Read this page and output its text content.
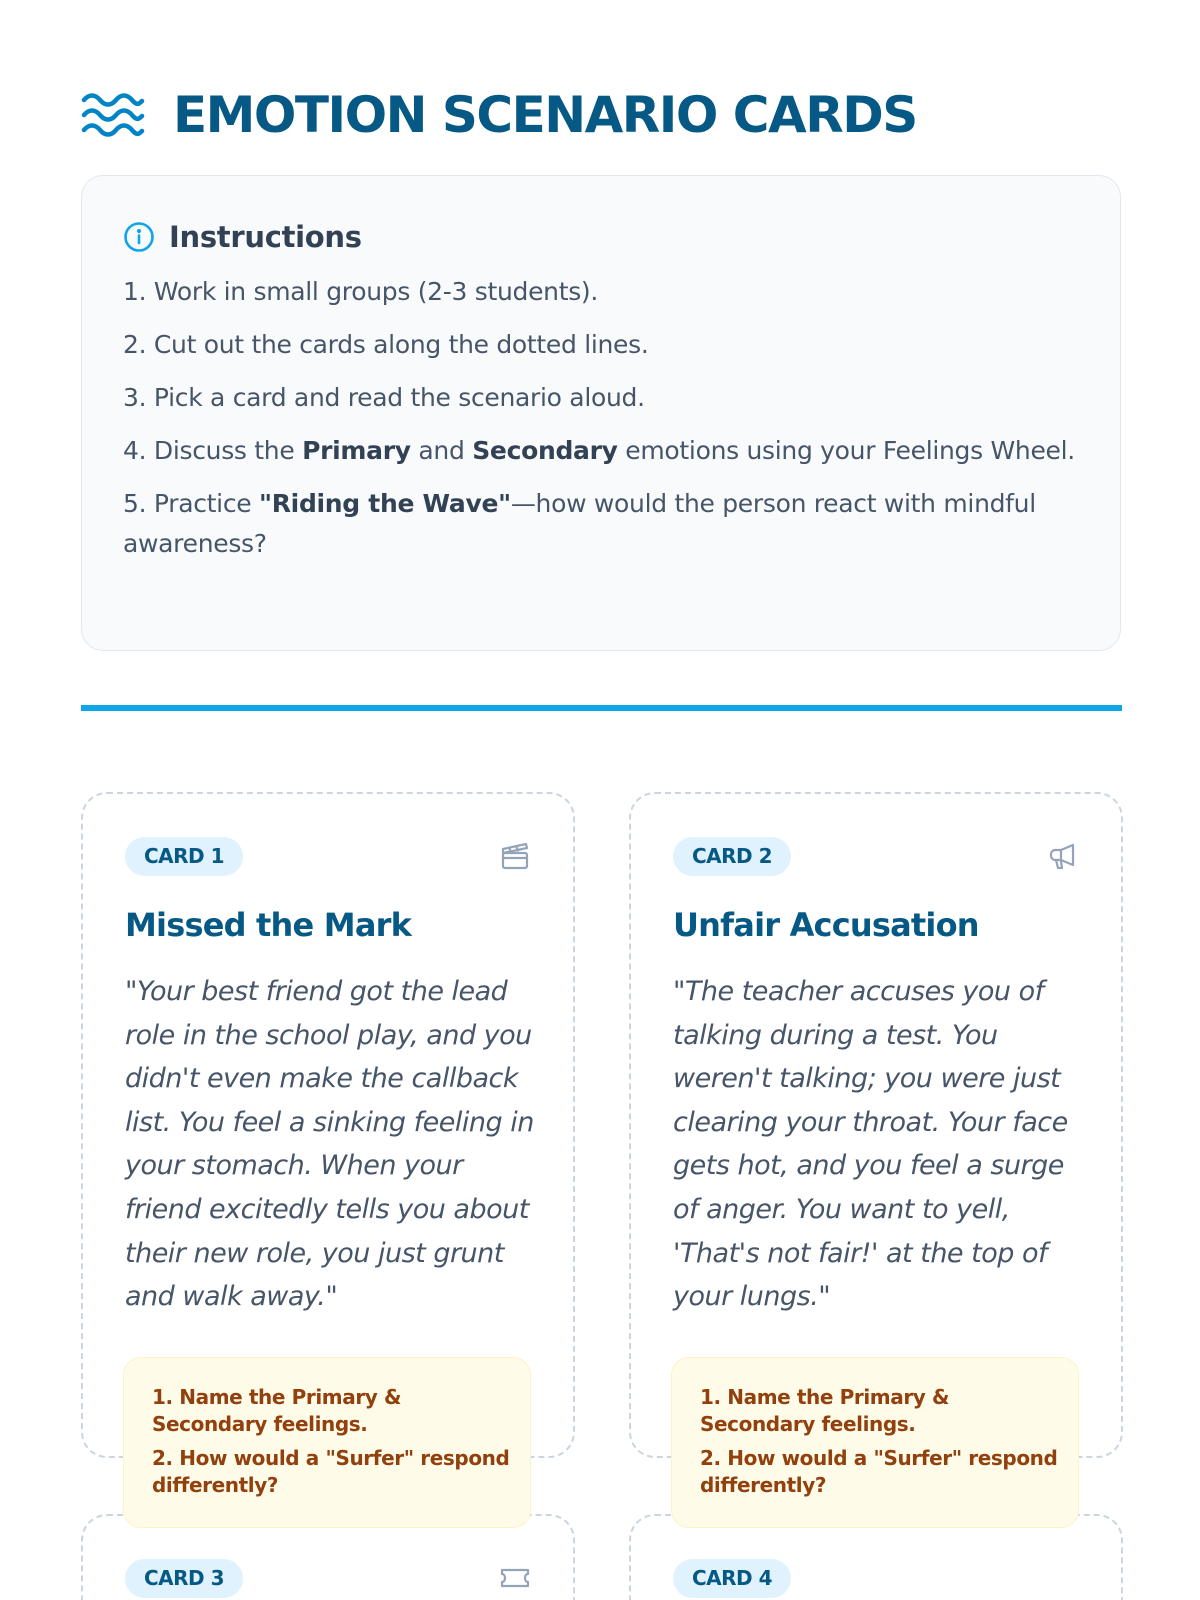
EMOTION SCENARIO CARDS
Instructions
1. Work in small groups (2-3 students).
2. Cut out the cards along the dotted lines.
3. Pick a card and read the scenario aloud.
4. Discuss the Primary and Secondary emotions using your Feelings Wheel.
5. Practice "Riding the Wave"—how would the person react with mindful awareness?
CARD 1
Missed the Mark
"Your best friend got the lead role in the school play, and you didn't even make the callback list. You feel a sinking feeling in your stomach. When your friend excitedly tells you about their new role, you just grunt and walk away."
CARD 2
Unfair Accusation
"The teacher accuses you of talking during a test. You weren't talking; you were just clearing your throat. Your face gets hot, and you feel a surge of anger. You want to yell, 'That's not fair!' at the top of your lungs."

1. Name the Primary & Secondary feelings.

2. How would a "Surfer" respond differently?

1. Name the Primary & Secondary feelings.

2. How would a "Surfer" respond differently?

CARD 3	CARD 4
